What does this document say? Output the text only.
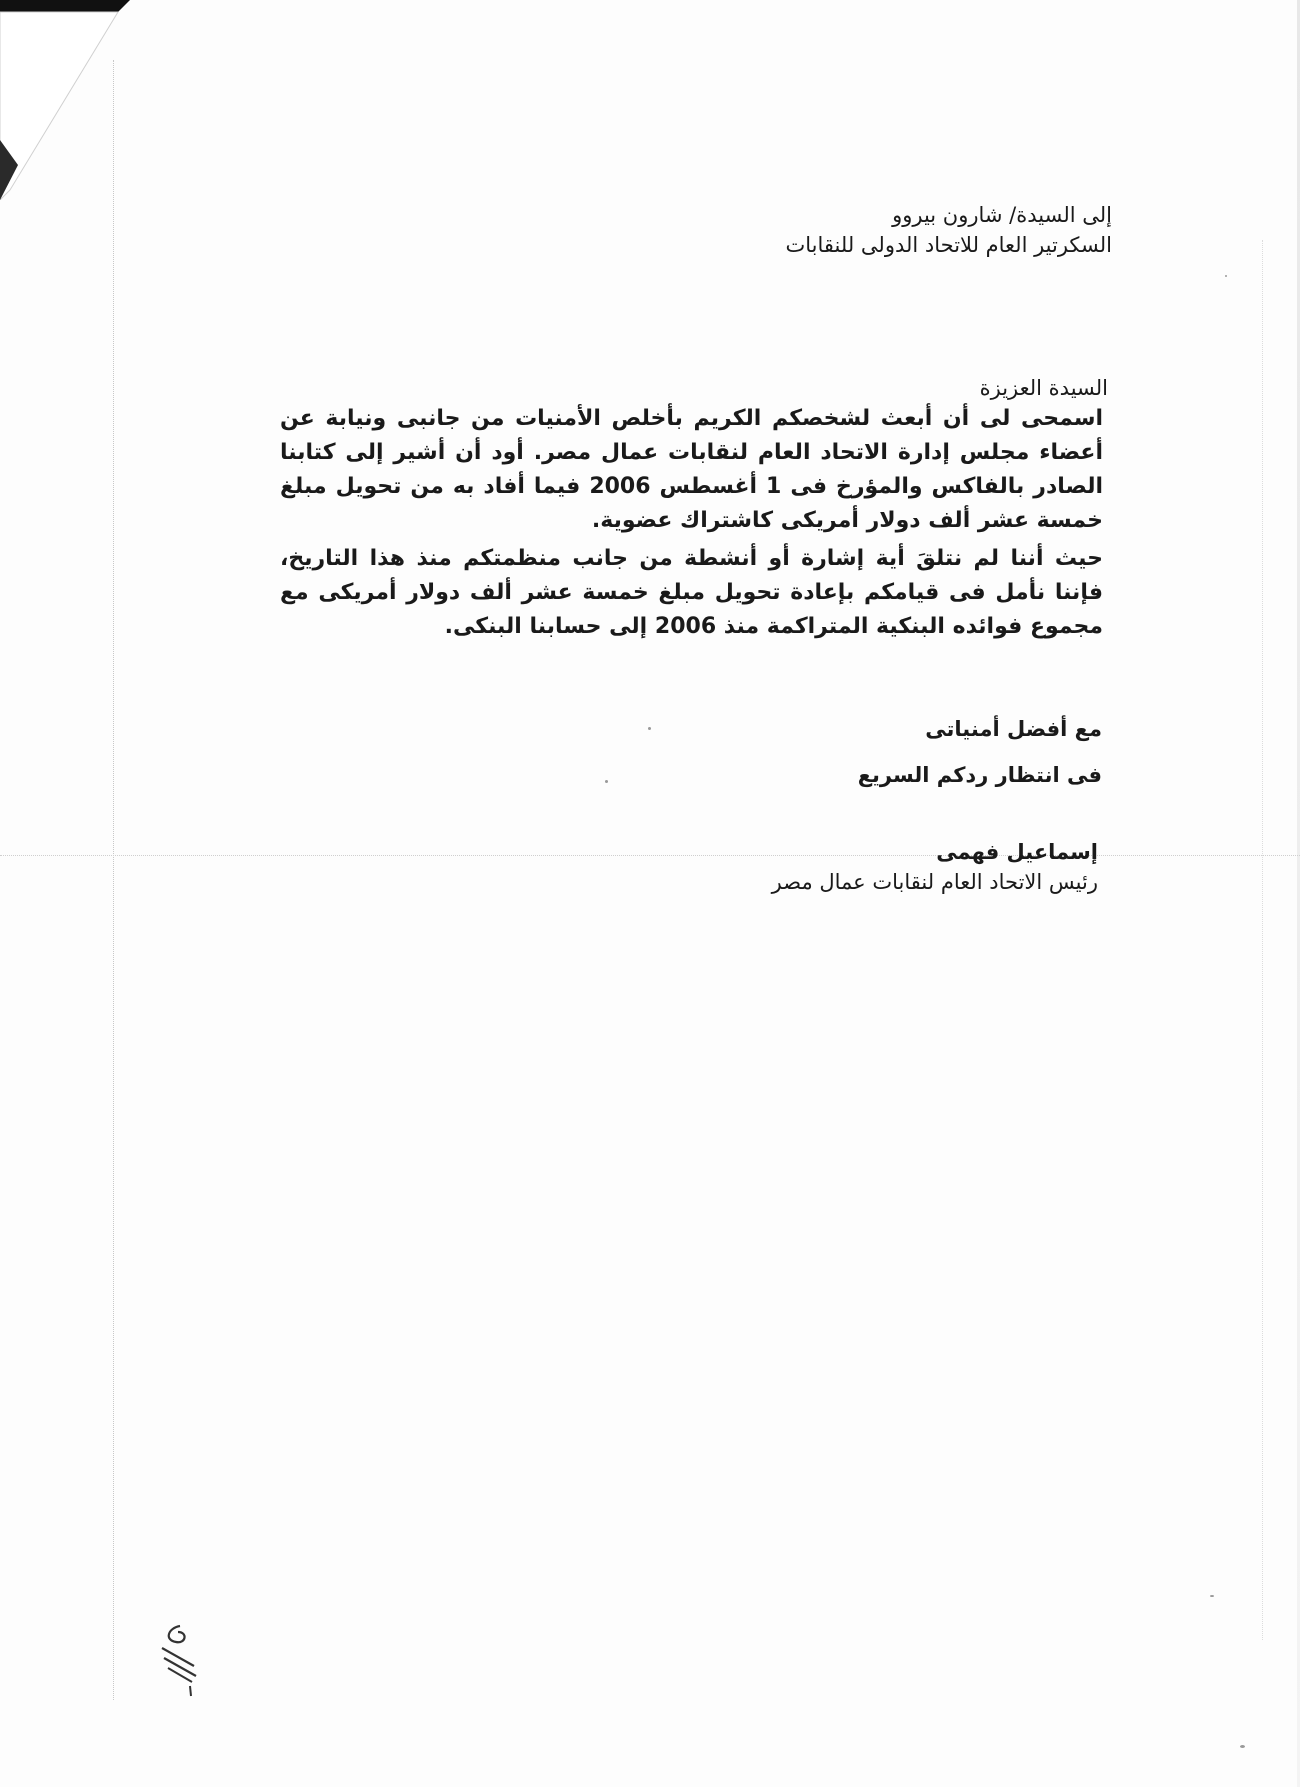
إلى السيدة/ شارون بيروو
السكرتير العام للاتحاد الدولى للنقابات
السيدة العزيزة

اسمحى لى أن أبعث لشخصكم الكريم بأخلص الأمنيات من جانبى ونيابة عن أعضاء مجلس إدارة الاتحاد العام لنقابات عمال مصر. أود أن أشير إلى كتابنا الصادر بالفاكس والمؤرخ فى 1 أغسطس 2006 فيما أفاد به من تحويل مبلغ خمسة عشر ألف دولار أمريكى كاشتراك عضوية.

حيث أننا لم نتلقَ أية إشارة أو أنشطة من جانب منظمتكم منذ هذا التاريخ، فإننا نأمل فى قيامكم بإعادة تحويل مبلغ خمسة عشر ألف دولار أمريكى مع مجموع فوائده البنكية المتراكمة منذ 2006 إلى حسابنا البنكى.

مع أفضل أمنياتى
فى انتظار ردكم السريع
إسماعيل فهمى
رئيس الاتحاد العام لنقابات عمال مصر
